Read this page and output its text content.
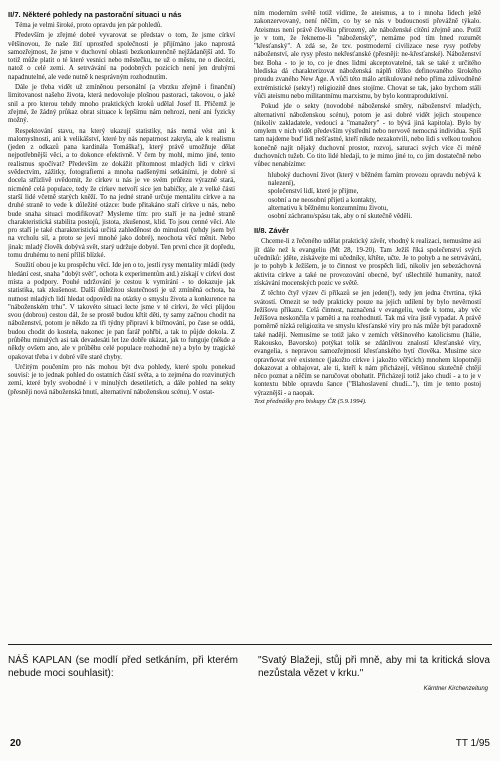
II/7. Některé pohledy na pastorační situaci u nás

Téma je velmi široké, proto opravdu jen pár pohledů.

Především je zřejmé dobré vyvarovat se představ o tom, že jsme církví většinovou, že naše žití uprostřed společnosti je přijímáno jako naprostá samozřejmost, že jsme v duchovní oblasti bezkonkurenčně nejžádanější atd. To totiž může platit o té které vesnici nebo městečku, ne už o městu, ne o diecézi, natož o celé zemi. A setrvávání na podobných pozicích není jen druhými napadnutelné, ale vede nutně k nesprávným rozhodnutím.

Dále je třeba vidět už zmíněnou personální (a vbrzku zřejmě i finanční) limitovanost našeho života, která nedovoluje plošnou pastoraci, takovou, o jaké snil a pro kterou tehdy mnoho praktických kroků udělal Josef II. Přičemž je zřejmé, že žádný průkaz obrat situace k lepšímu nám nehrozí, není ani fyzicky možný.

Respektování stavu, na který ukazují statistiky, nás nemá vést ani k malomyslnosti, ani k velikášství, které by nás nepatrnost zakryla, ale k realismu (jeden z odkazů pana kardinála Tomáška!), který právě umožňuje dělat nejpotřebnější věci, a to dokonce efektivně. V čem by mohl, mimo jiné, tento realismus spočívat? Především ze dokážit přítomnost mladých lidí v církvi svědectvím, zážitky, fotografiemi a mnoha nadšenými setkáními, je dobré si docela střízlivě uvědomit, že církev u nás je ve svém průřezu výrazně stará, nicméně celá populace, tedy že církev netvoří sice jen babičky, ale z velké části starší lidé včetně starých kněží. To na jedné straně určuje mentalitu církve a na druhé straně to vede k důležité otázce: bude přitakáno staří církve u nás, nebo bude snaha situaci modifikovat? Mysleme tím: pro staří je na jedné straně charakteristická stabilita postojů, jistota, zkušenost, klid. To jsou cenné věci. Ale pro staří je také charakteristická určitá zahleděnost do minulosti (tehdy jsem byl na vrcholu sil, a proto se jeví mnohé jako dobré), neochota věcí měnit. Nebo jinak: mladý člověk dobývá svět, starý udržuje dobyté. Ten první chce jít dopředu, tomu druhému to není příliš blízké.

Soužití obou je ku prospěchu věcí. Ide jen o to, jestli rysy mentality mládí (tedy hledání cest, snaha "dobýt svět", ochota k experimentům atd.) získají v církvi dost místa a podpory. Pouhé udržování je cestou k vymírání - to dokazuje jak statistika, tak zkušenost. Další důležitou skutečností je už zmíněná ochota, ba nutnost mladých lidí hledat odpovědi na otázky o smyslu života a konkurence na "náboženském trhu". V takovéto situaci lecte jsme v té církvi, že věci plijdou svou (dobrou) cestou dál, že se prostě budou křtít děti, ty samy začnou chodit na náboženství, potom je někdo za tři týdny připraví k biřmování, po čase se oddá, budou chodit do kostela, nakonec je pan farář pohřbí, a tak to půjde dokola. Z průběhu minulých asi tak devadesáti let lze dobře ukázat, jak to funguje (někde a někdy ovšem ano, ale v průběhu celé populace rozhodně ne) a bylo by tragické opakovat třeba i v dobré víře staré chyby.

Určitým poučením pro nás mohou být dva pohledy, které spolu ponekud souvisí: je to jednak pohled do ostatních částí světa, a to zejména do rozvinutých zemí, které byly svobodné i v minulých desetiletích, a dále pohled na sekty (přesněji nová náboženská hnutí, alternativní náboženskou scénu). V ostat-

ním moderním světě totiž vidíme, že ateismus, a to i mnoha lidech ještě zakonzervovaný, není něčím, co by se nás v budoucnosti převážně týkalo. Ateismus není právě člověku přirozený, ale náboženské cítění zřejmě ano. Potíž je v tom, že řekneme-li "náboženský", nemáme pod tím hned rozumět "křesťanský". A zdá se, že tzv. postmoderní civilizace nese rysy potřeby náboženství, ale rysy přesto nekřesťanské (přesněji: ne-křesťanské). Náboženství bez Boha - to je to, co je dnes lidmi akceptovatelné, tak se také z určitého hlediska dá charakterizovat náboženská náplň těžko definovaného širokého proudu zvaného New Age. A vůči této málo artikulované nebo příma zdůvodněné extrémistické (sekty!) religiozitě dnes stojíme. Chovat se tak, jako bychom stáli vůči ateismu nebo militantnímu marxismu, by bylo kontraproduktivní.

Pokud jde o sekty (novodobé náboženské směry, náboženství mladých, alternativní náboženskou scénu), potom je asi dobré vidět jejich stoupence (nikoliv zakladatele, vedoucí a "manažery" - to bývá jiná kapitola). Bylo by omylem v nich vidět především výstřední nebo nervově nemocná individua. Spíš tam najdeme bud' lidi nešťastné, kteří nikde nezakotvili, nebo lidi s velkou touhou konečně najít nějaký duchovní prostor, rozvoj, saturaci svých více či méně duchovních tužeb. Co tito lidé hledají, to je mimo jiné to, co jim dostatečně nebo vůbec nenabízíme:

hluboký duchovní život (který v běžném farním provozu opravdu nebývá k nalezení),
společenství lidí, které je přijme,
osobní a ne neosobní přijetí a kontakty,
alternativu k běžnému konzumnímu životu,
osobní záchranu/spásu tak, aby o ní skutečně věděli.
II/8. Závěr

Chceme-li z řečeného udělat praktický závěr, vhodný k realizaci, nemusíme asi jít dále než k evangeliu (Mt 28, 19-20). Tam Ježíš říká společenství svých učedníků: jděte, získávejte mi učedníky, křtěte, učte. Je to pohyb a ne setrvávání, je to pohyb k Ježíšem, je to činnost ve prospěch lidí, nikoliv jen sebezáchovná aktivita církve a také ne provozování obecné, byť ušlechtilé humanity, natož získávání mocenských pozic ve světě.

Z těchto čtyř výzev či příkazů se jen jeden(!), tedy jen jedna čtvrtina, týká svátostí. Omezit se tedy prakticky pouze na jejich udílení by bylo nevěrností Ježíšovu příkazu. Celá činnost, naznačená v evangeliu, vede k tomu, aby věc Ježíšova neskončila v paměti a na rozhodnutí. Tak má víra jistě vypadat. A právě poměrně nízká religiozita ve smyslu křesťanské víry pro nás může být paradoxně také nadějí. Nemusíme se totiž jako v zemích většinového katolicismu (Itálie, Rakousko, Bavorsko) potýkat tolik se zdánlivou znalostí křesťanské víry, evangelia, s nepravou samozřejmostí křesťanského bytí člověka. Musíme sice opravňovat své existence (jakožto církve i jakožto věřících) mnohem klopotněji dokazovat a obhajovat, ale ti, kteří k nám přicházejí, většinou skutečně chtějí něco poznat a něčím se naručovat obohatit. Přicházejí totiž jako chudí - a to je v kontextu bible opravdu šance ("Blahoslavení chudí..."), tím je tento postoj výraznější - a naopak.

Text přednášky pro biskupy ČR (5.9.1994).

NÁŠ KAPLAN (se modlí před setkáním, při kterém nebude moci souhlasit):
"Svatý Blažeji, stůj při mně, aby mi ta kritická slova nezůstala vězet v krku."
Kärntner Kirchenzeitung
20	TT 1/95
